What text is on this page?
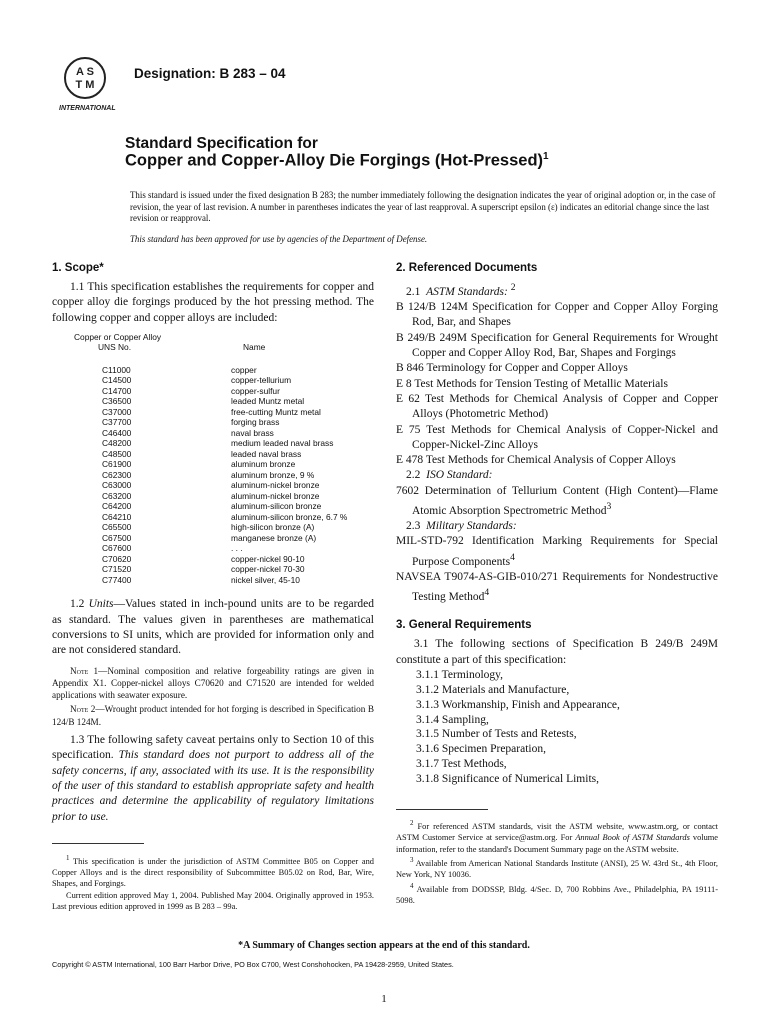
A S
T M
INTERNATIONAL
Designation: B 283 – 04
Standard Specification for
Copper and Copper-Alloy Die Forgings (Hot-Pressed)$^1$
This standard is issued under the fixed designation B 283; the number immediately following the designation indicates the year of original adoption or, in the case of revision, the year of last revision. A number in parentheses indicates the year of last reapproval. A superscript epsilon (ε) indicates an editorial change since the last revision or reapproval.
This standard has been approved for use by agencies of the Department of Defense.
1. Scope*
1.1 This specification establishes the requirements for copper and copper alloy die forgings produced by the hot pressing method. The following copper and copper alloys are included:
Copper or Copper Alloy
UNS No.	Name
C11000	copper
C14500	copper-tellurium
C14700	copper-sulfur
C36500	leaded Muntz metal
C37000	free-cutting Muntz metal
C37700	forging brass
C46400	naval brass
C48200	medium leaded naval brass
C48500	leaded naval brass
C61900	aluminum bronze
C62300	aluminum bronze, 9 %
C63000	aluminum-nickel bronze
C63200	aluminum-nickel bronze
C64200	aluminum-silicon bronze
C64210	aluminum-silicon bronze, 6.7 %
C65500	high-silicon bronze (A)
C67500	manganese bronze (A)
C67600	. . .
C70620	copper-nickel 90-10
C71520	copper-nickel 70-30
C77400	nickel silver, 45-10
1.2 Units—Values stated in inch-pound units are to be regarded as standard. The values given in parentheses are mathematical conversions to SI units, which are provided for information only and are not considered standard.
Note 1—Nominal composition and relative forgeability ratings are given in Appendix X1. Copper-nickel alloys C70620 and C71520 are intended for welded applications with seawater exposure.
Note 2—Wrought product intended for hot forging is described in Specification B 124/B 124M.
1.3 The following safety caveat pertains only to Section 10 of this specification. This standard does not purport to address all of the safety concerns, if any, associated with its use. It is the responsibility of the user of this standard to establish appropriate safety and health practices and determine the applicability of regulatory limitations prior to use.
$^1$ This specification is under the jurisdiction of ASTM Committee B05 on Copper and Copper Alloys and is the direct responsibility of Subcommittee B05.02 on Rod, Bar, Wire, Shapes, and Forgings.
Current edition approved May 1, 2004. Published May 2004. Originally approved in 1953. Last previous edition approved in 1999 as B 283 – 99a.
2. Referenced Documents
2.1 ASTM Standards: $^2$
B 124/B 124M Specification for Copper and Copper Alloy Forging Rod, Bar, and Shapes
B 249/B 249M Specification for General Requirements for Wrought Copper and Copper Alloy Rod, Bar, Shapes and Forgings
B 846 Terminology for Copper and Copper Alloys
E 8 Test Methods for Tension Testing of Metallic Materials
E 62 Test Methods for Chemical Analysis of Copper and Copper Alloys (Photometric Method)
E 75 Test Methods for Chemical Analysis of Copper-Nickel and Copper-Nickel-Zinc Alloys
E 478 Test Methods for Chemical Analysis of Copper Alloys
2.2 ISO Standard:
7602 Determination of Tellurium Content (High Content)—Flame Atomic Absorption Spectrometric Method$^3$
2.3 Military Standards:
MIL-STD-792 Identification Marking Requirements for Special Purpose Components$^4$
NAVSEA T9074-AS-GIB-010/271 Requirements for Nondestructive Testing Method$^4$
3. General Requirements
3.1 The following sections of Specification B 249/B 249M constitute a part of this specification:
3.1.1 Terminology,
3.1.2 Materials and Manufacture,
3.1.3 Workmanship, Finish and Appearance,
3.1.4 Sampling,
3.1.5 Number of Tests and Retests,
3.1.6 Specimen Preparation,
3.1.7 Test Methods,
3.1.8 Significance of Numerical Limits,
$^2$ For referenced ASTM standards, visit the ASTM website, www.astm.org, or contact ASTM Customer Service at service@astm.org. For Annual Book of ASTM Standards volume information, refer to the standard's Document Summary page on the ASTM website.
$^3$ Available from American National Standards Institute (ANSI), 25 W. 43rd St., 4th Floor, New York, NY 10036.
$^4$ Available from DODSSP, Bldg. 4/Sec. D, 700 Robbins Ave., Philadelphia, PA 19111-5098.
*A Summary of Changes section appears at the end of this standard.
Copyright © ASTM International, 100 Barr Harbor Drive, PO Box C700, West Conshohocken, PA 19428-2959, United States.
1
